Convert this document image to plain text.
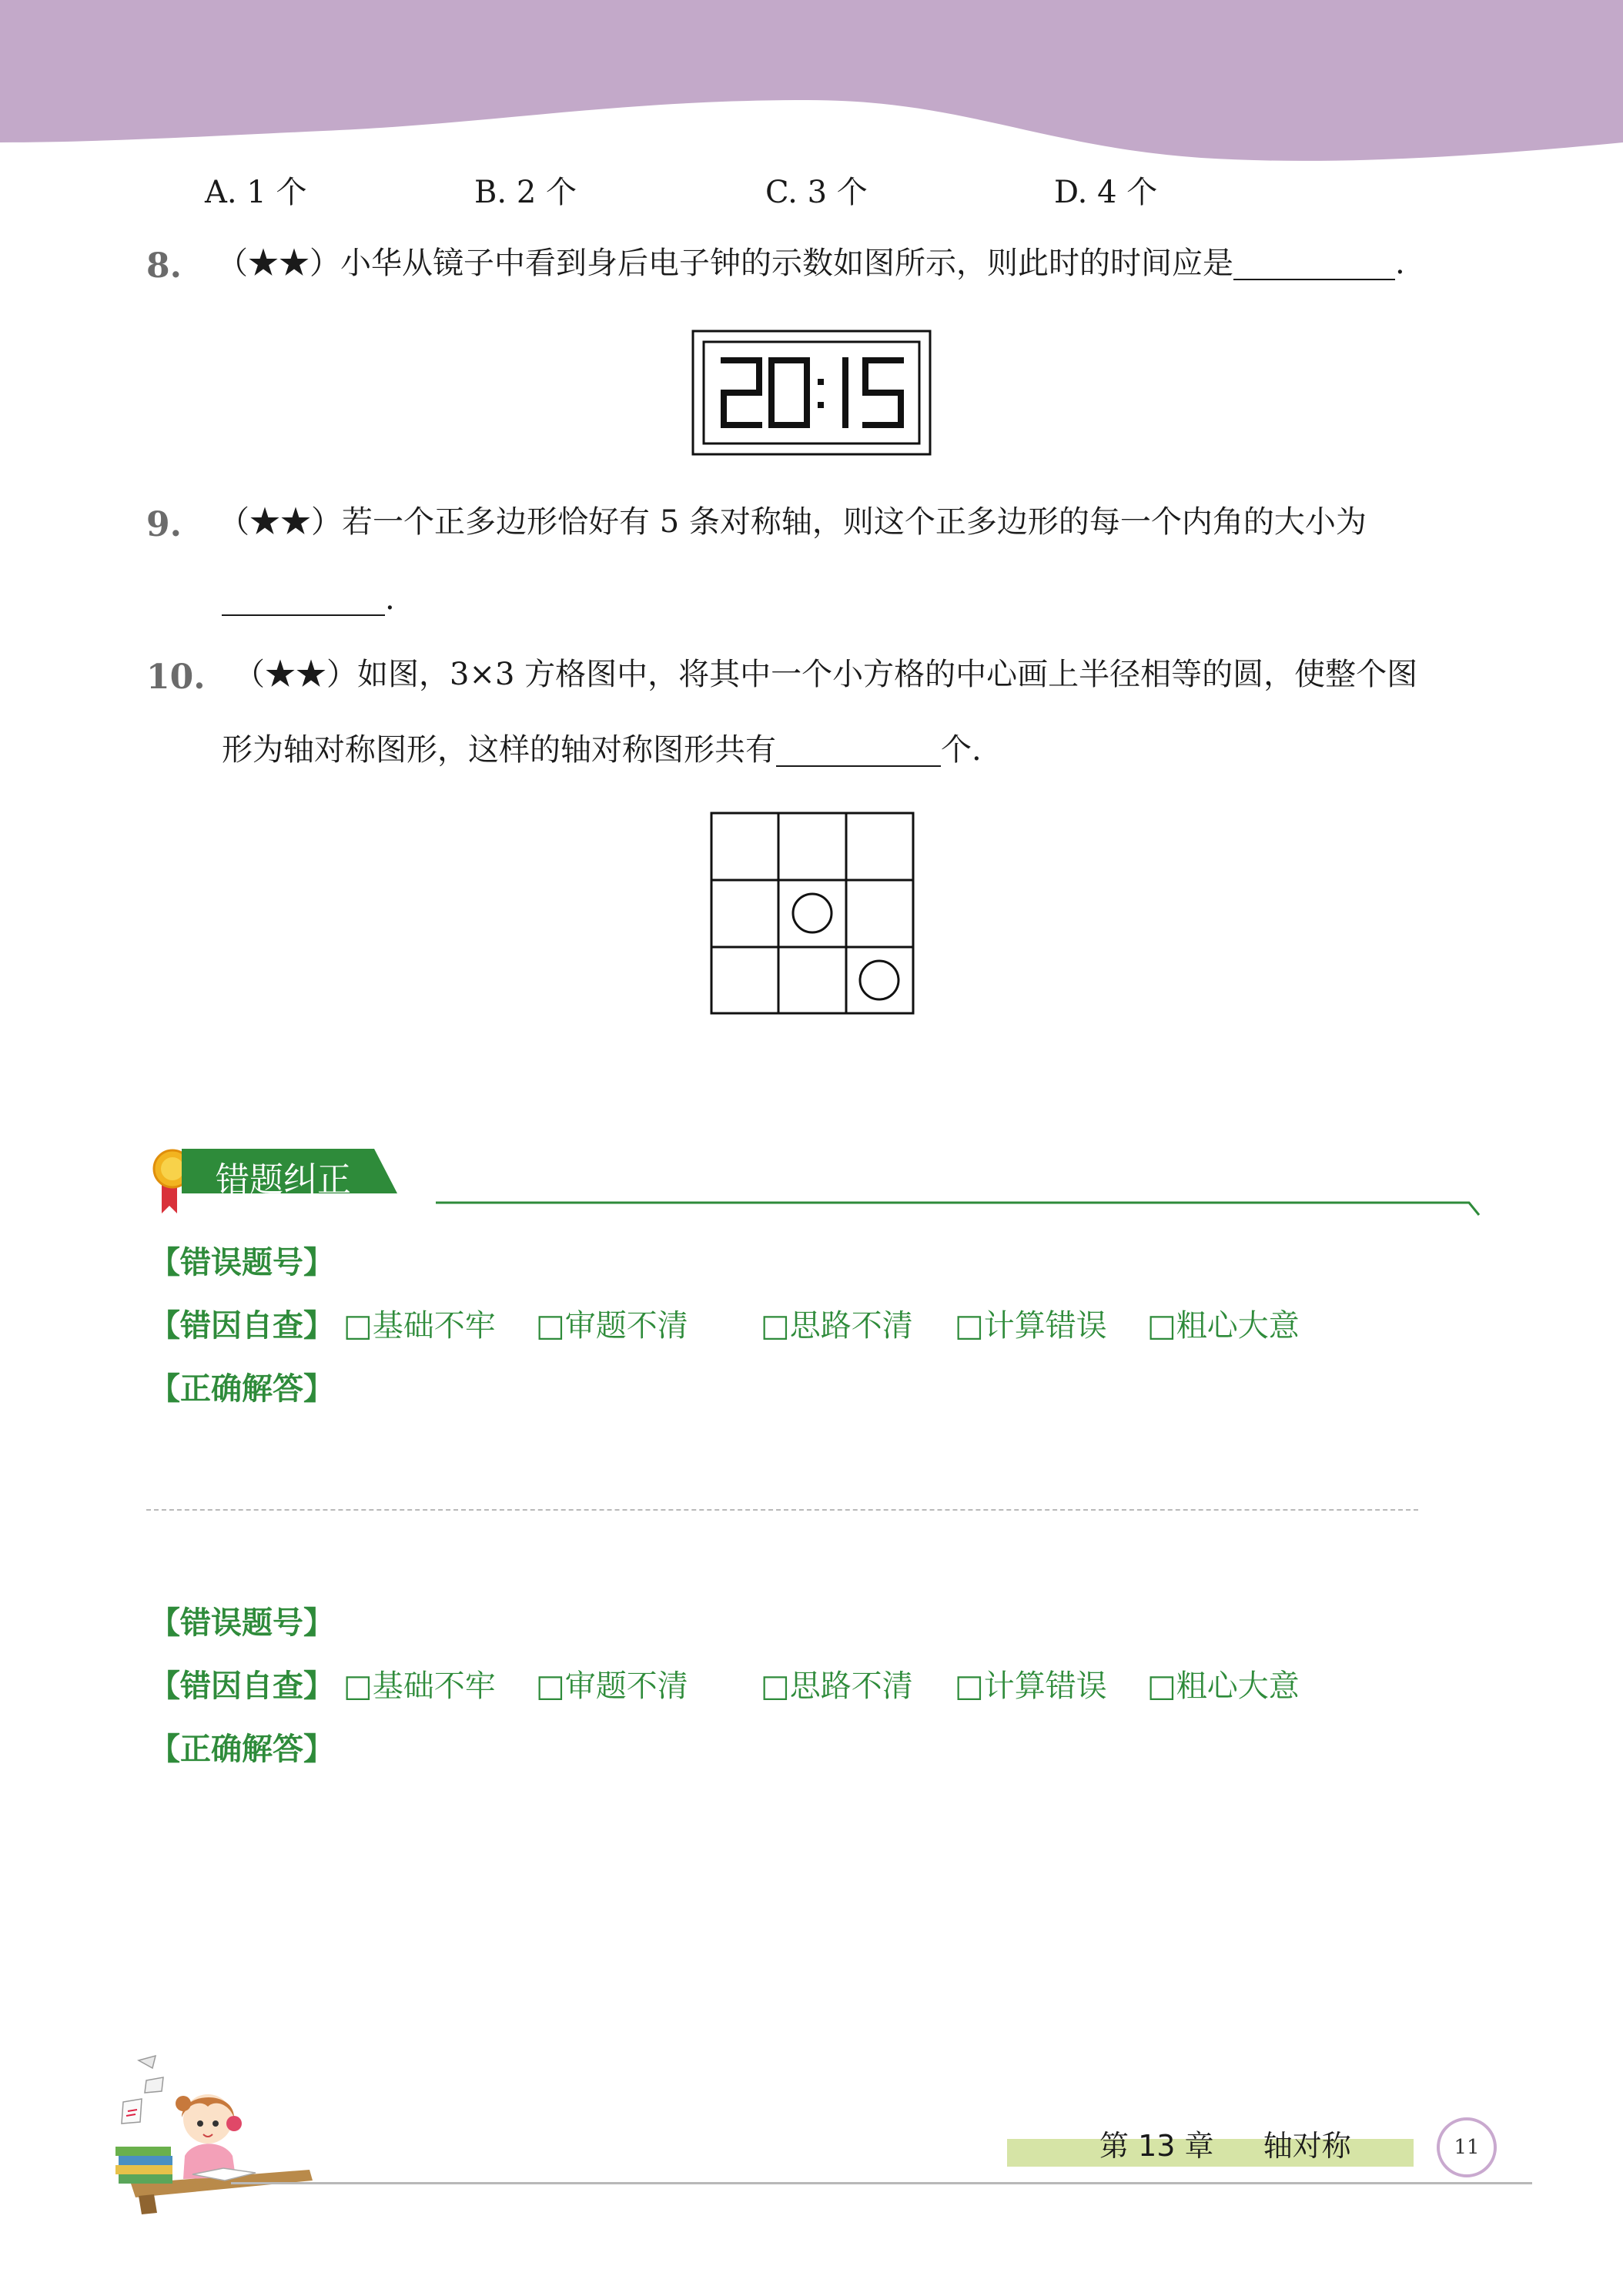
A. 1 个	B. 2 个	C. 3 个	D. 4 个
8. （★★）小华从镜子中看到身后电子钟的示数如图所示，则此时的时间应是	.
9. （★★）若一个正多边形恰好有 5 条对称轴，则这个正多边形的每一个内角的大小为
.
10. （★★）如图，3×3 方格图中，将其中一个小方格的中心画上半径相等的圆，使整个图
形为轴对称图形，这样的轴对称图形共有	个.
错题纠正
【错误题号】
【错因自查】 □基础不牢 □审题不清 □思路不清 □计算错误 □粗心大意
【正确解答】
【错误题号】
【错因自查】 □基础不牢 □审题不清 □思路不清 □计算错误 □粗心大意
【正确解答】
第 13 章 轴对称	11
